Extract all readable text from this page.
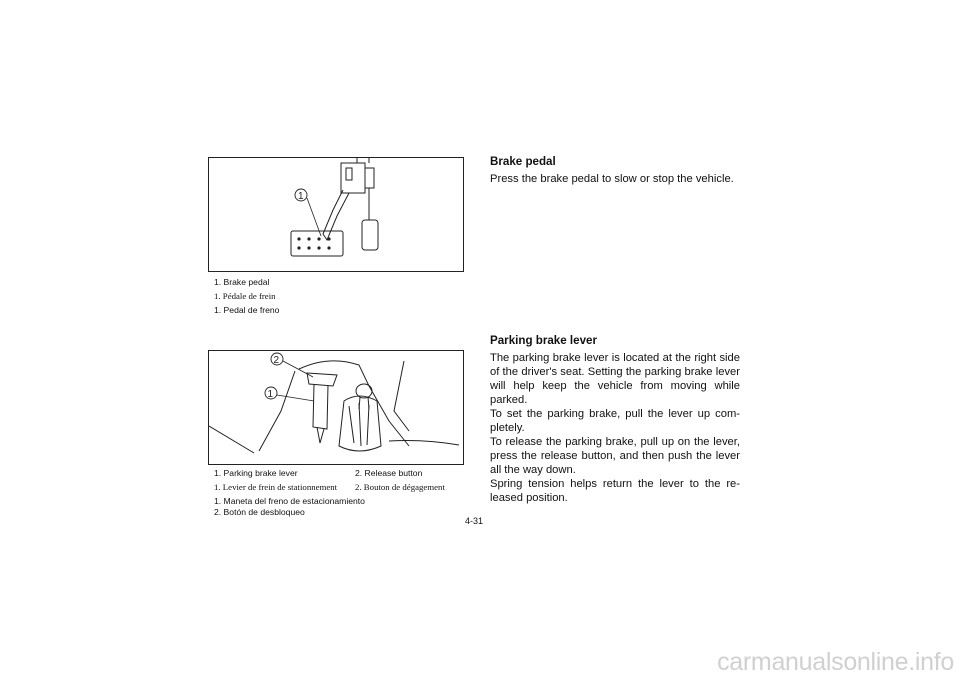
1
1. Brake pedal
1. Pédale de frein
1. Pedal de freno
2
1
1. Parking brake lever
1. Levier de frein de stationnement
1. Maneta del freno de estacionamiento
2. Botón de desbloqueo
2. Release button
2. Bouton de dégagement
Brake pedal

Press the brake pedal to slow or stop the vehicle.

Parking brake lever

The parking brake lever is located at the right side of the driver's seat. Setting the parking brake lever will help keep the vehicle from moving while parked.

To set the parking brake, pull the lever up com-pletely.

To release the parking brake, pull up on the lever, press the release button, and then push the lever all the way down.

Spring tension helps return the lever to the re-leased position.

4-31
carmanualsonline.info
